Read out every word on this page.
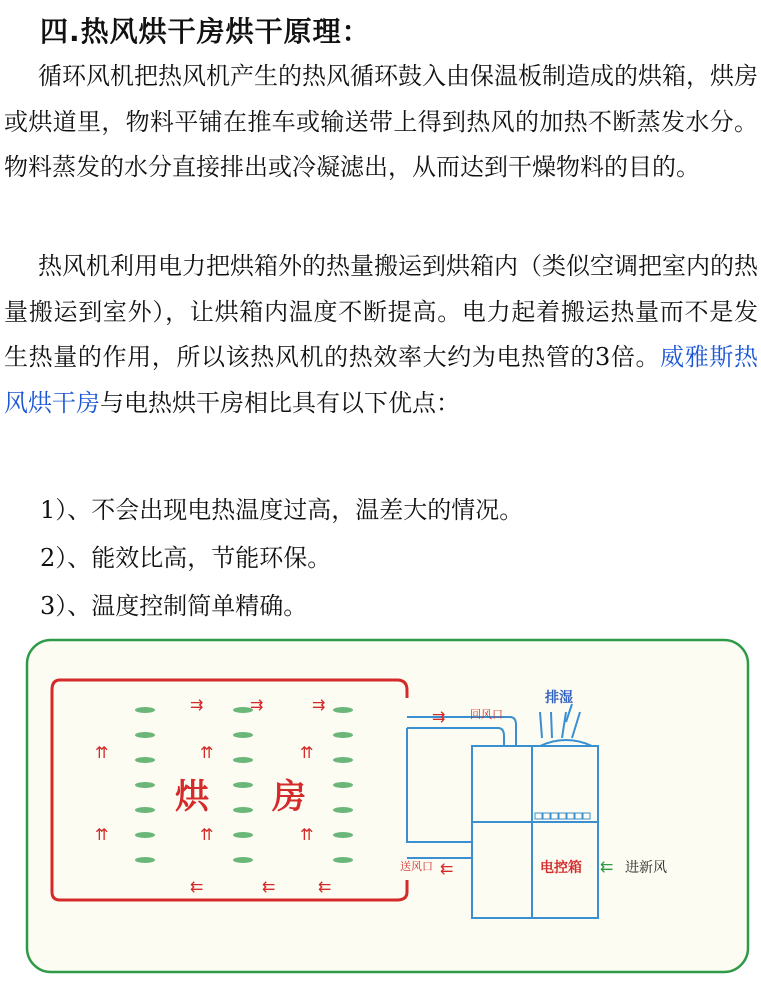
四.热风烘干房烘干原理：
循环风机把热风机产生的热风循环鼓入由保温板制造成的烘箱，烘房或烘道里，物料平铺在推车或输送带上得到热风的加热不断蒸发水分。物料蒸发的水分直接排出或冷凝滤出，从而达到干燥物料的目的。
热风机利用电力把烘箱外的热量搬运到烘箱内（类似空调把室内的热量搬运到室外），让烘箱内温度不断提高。电力起着搬运热量而不是发生热量的作用，所以该热风机的热效率大约为电热管的3倍。威雅斯热风烘干房与电热烘干房相比具有以下优点：
1）、不会出现电热温度过高，温差大的情况。
2）、能效比高，节能环保。
3）、温度控制简单精确。
⇉	⇉	⇉
⇉
⇇	⇇	⇇
⇇
⇈	⇈	⇈
⇈	⇈	⇈
⇇
烘 房
回风口
排湿
送风口	电控箱	进新风
